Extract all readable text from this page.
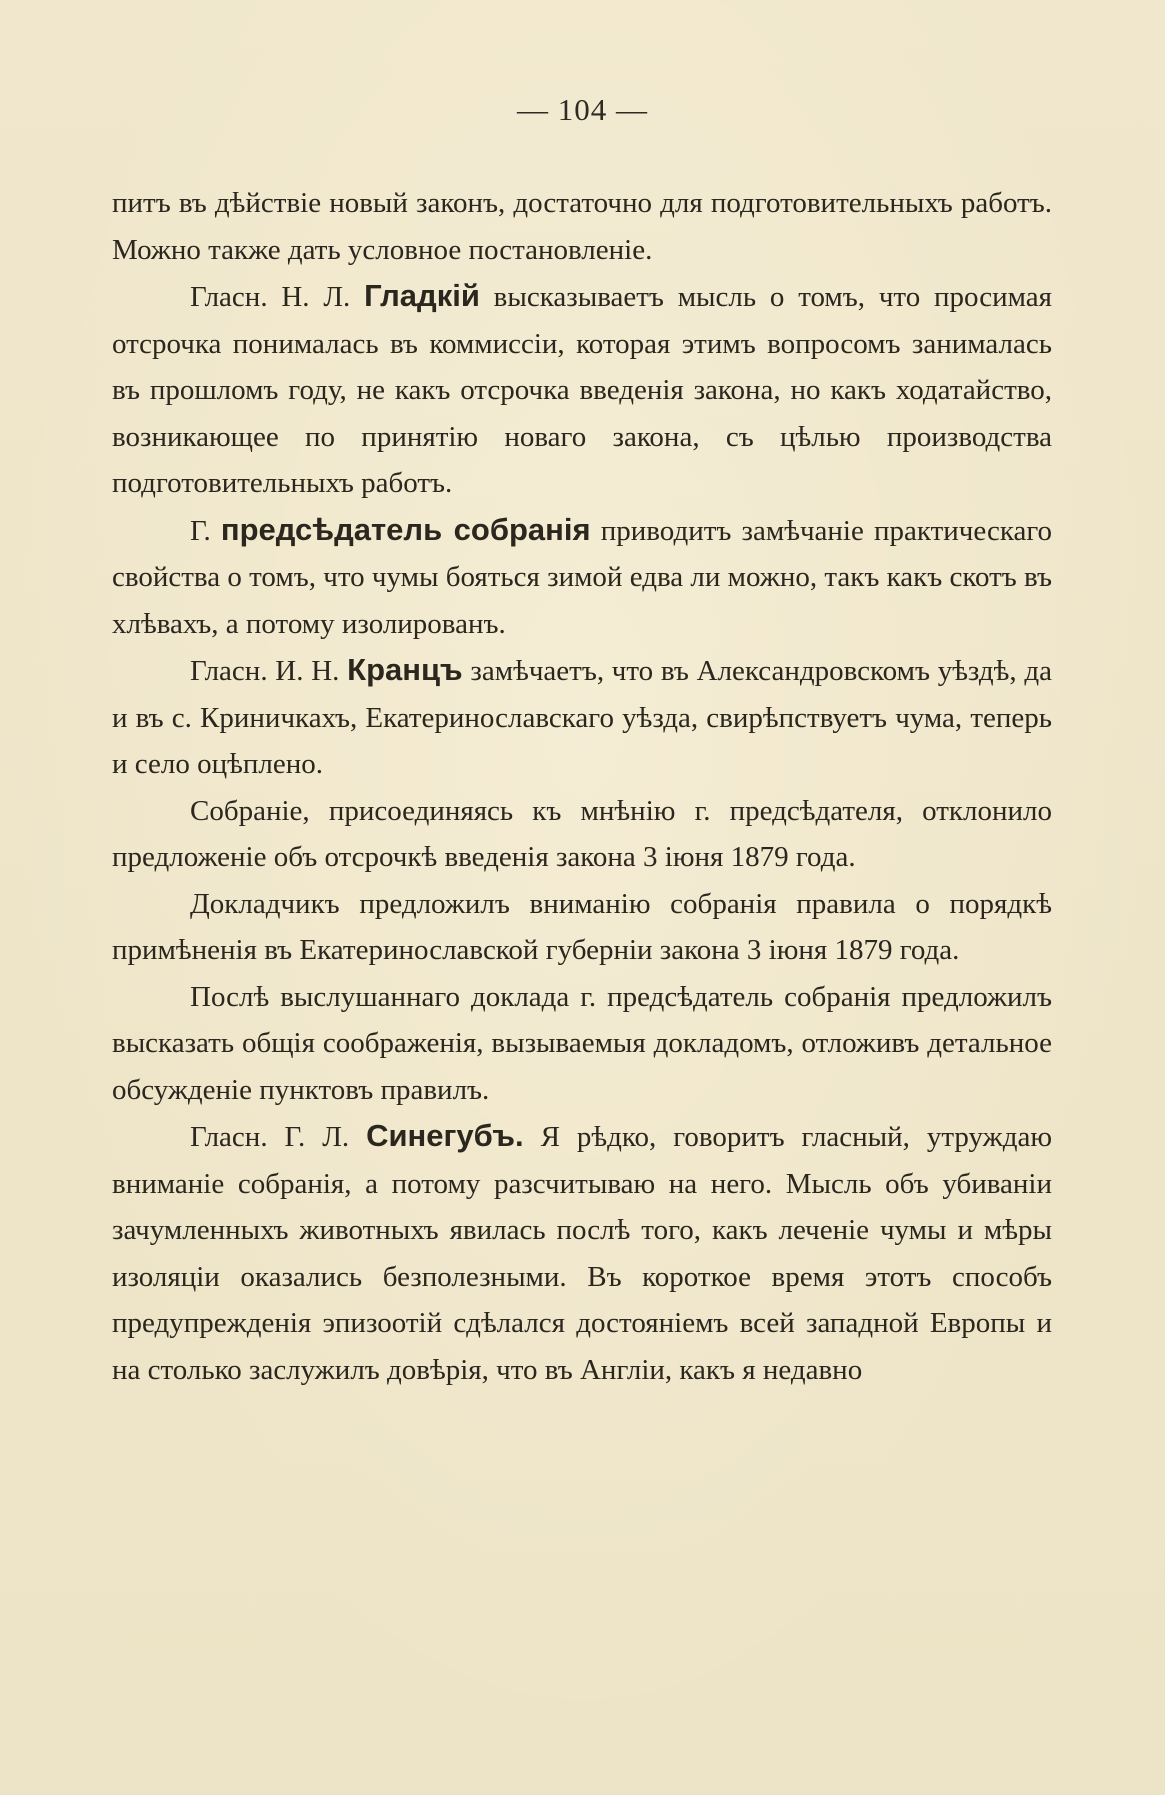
— 104 —

питъ въ дѣйствіе новый законъ, достаточно для подготовительныхъ работъ. Можно также дать условное постановленіе.

Гласн. Н. Л. Гладкій высказываетъ мысль о томъ, что просимая отсрочка понималась въ коммиссіи, которая этимъ вопросомъ занималась въ прошломъ году, не какъ отсрочка введенія закона, но какъ ходатайство, возникающее по принятію новаго закона, съ цѣлью производства подготовительныхъ работъ.

Г. предсѣдатель собранія приводитъ замѣчаніе практическаго свойства о томъ, что чумы бояться зимой едва ли можно, такъ какъ скотъ въ хлѣвахъ, а потому изолированъ.

Гласн. И. Н. Кранцъ замѣчаетъ, что въ Александровскомъ уѣздѣ, да и въ с. Криничкахъ, Екатеринославскаго уѣзда, свирѣпствуетъ чума, теперь и село оцѣплено.

Собраніе, присоединяясь къ мнѣнію г. предсѣдателя, отклонило предложеніе объ отсрочкѣ введенія закона 3 іюня 1879 года.

Докладчикъ предложилъ вниманію собранія правила о порядкѣ примѣненія въ Екатеринославской губерніи закона 3 іюня 1879 года.

Послѣ выслушаннаго доклада г. предсѣдатель собранія предложилъ высказать общія соображенія, вызываемыя докладомъ, отложивъ детальное обсужденіе пунктовъ правилъ.

Гласн. Г. Л. Синегубъ. Я рѣдко, говоритъ гласный, утруждаю вниманіе собранія, а потому разсчитываю на него. Мысль объ убиваніи зачумленныхъ животныхъ явилась послѣ того, какъ леченіе чумы и мѣры изоляціи оказались безполезными. Въ короткое время этотъ способъ предупрежденія эпизоотій сдѣлался достояніемъ всей западной Европы и на столько заслужилъ довѣрія, что въ Англіи, какъ я недавно
